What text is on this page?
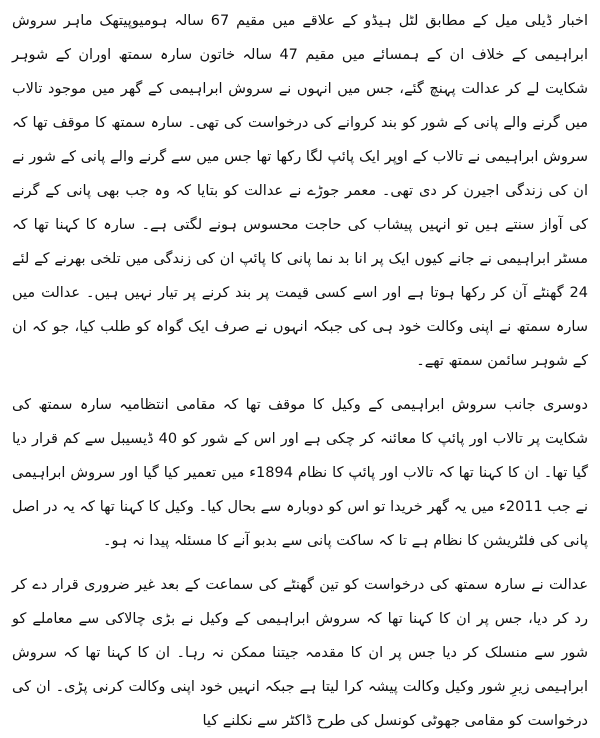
اخبار ڈیلی میل کے مطابق لٹل ہیڈو کے علاقے میں مقیم 67 سالہ ہومیوپیتھک ماہر سروش ابراہیمی کے خلاف ان کے ہمسائے میں مقیم 47 سالہ خاتون سارہ سمتھ اوران کے شوہر شکایت لے کر عدالت پہنچ گئے، جس میں انہوں نے سروش ابراہیمی کے گھر میں موجود تالاب میں گرنے والے پانی کے شور کو بند کروانے کی درخواست کی تھی۔ سارہ سمتھ کا موقف تھا کہ سروش ابراہیمی نے تالاب کے اوپر ایک پائپ لگا رکھا تھا جس میں سے گرنے والے پانی کے شور نے ان کی زندگی اجیرن کر دی تھی۔ معمر جوڑے نے عدالت کو بتایا کہ وہ جب بھی پانی کے گرنے کی آواز سنتے ہیں تو انہیں پیشاب کی حاجت محسوس ہونے لگتی ہے۔ سارہ کا کہنا تھا کہ مسٹر ابراہیمی نے جانے کیوں ایک پر انا بد نما پانی کا پائپ ان کی زندگی میں تلخی بھرنے کے لئے 24 گھنٹے آن کر رکھا ہوتا ہے اور اسے کسی قیمت پر بند کرنے پر تیار نہیں ہیں۔ عدالت میں سارہ سمتھ نے اپنی وکالت خود ہی کی جبکہ انہوں نے صرف ایک گواہ کو طلب کیا، جو کہ ان کے شوہر سائمن سمتھ تھے۔

دوسری جانب سروش ابراہیمی کے وکیل کا موقف تھا کہ مقامی انتظامیہ سارہ سمتھ کی شکایت پر تالاب اور پائپ کا معائنہ کر چکی ہے اور اس کے شور کو 40 ڈیسیبل سے کم قرار دیا گیا تھا۔ ان کا کہنا تھا کہ تالاب اور پائپ کا نظام 1894ء میں تعمیر کیا گیا اور سروش ابراہیمی نے جب 2011ء میں یہ گھر خریدا تو اس کو دوبارہ سے بحال کیا۔ وکیل کا کہنا تھا کہ یہ در اصل پانی کی فلٹریشن کا نظام ہے تا کہ ساکت پانی سے بدبو آنے کا مسئلہ پیدا نہ ہو۔

عدالت نے سارہ سمتھ کی درخواست کو تین گھنٹے کی سماعت کے بعد غیر ضروری قرار دے کر رد کر دیا، جس پر ان کا کہنا تھا کہ سروش ابراہیمی کے وکیل نے بڑی چالاکی سے معاملے کو شور سے منسلک کر دیا جس پر ان کا مقدمہ جیتنا ممکن نہ رہا۔ ان کا کہنا تھا کہ سروش ابراہیمی زیرِ شور وکیل وکالت پیشہ کرا لیتا ہے جبکہ انہیں خود اپنی وکالت کرنی پڑی۔ ان کی درخواست کو مقامی جھوٹی کونسل کی طرح ڈاکٹر سے نکلنے کیا
